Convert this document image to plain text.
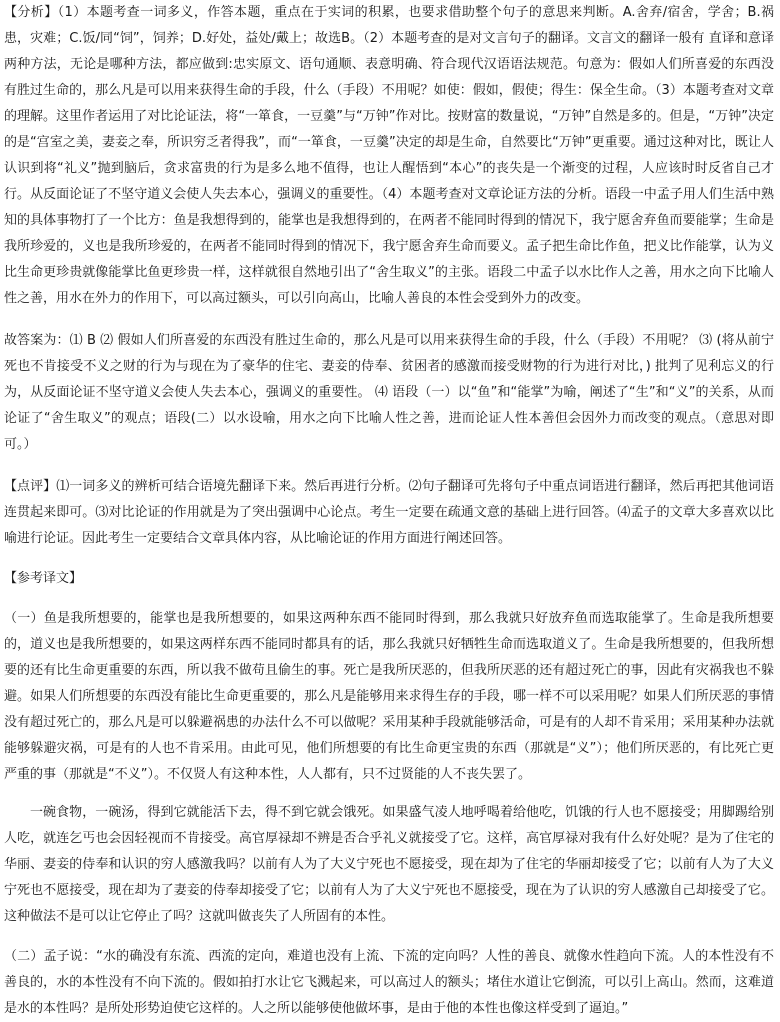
【分析】（1）本题考查一词多义，作答本题，重点在于实词的积累，也要求借助整个句子的意思来判断。A.舍弃/宿舍，学舍；B.祸患，灾难；C.饭/同“饲”，饲养；D.好处，益处/戴上；故选B。（2）本题考查的是对文言句子的翻译。文言文的翻译一般有 直译和意译两种方法，无论是哪种方法，都应做到:忠实原文、语句通顺、表意明确、符合现代汉语语法规范。句意为：假如人们所喜爱的东西没有胜过生命的，那么凡是可以用来获得生命的手段，什么（手段）不用呢？如使：假如，假使；得生：保全生命。（3）本题考查对文章的理解。这里作者运用了对比论证法，将“一箪食，一豆羹”与“万钟”作对比。按财富的数量说，“万钟”自然是多的。但是，“万钟”决定的是“宫室之美，妻妾之奉，所识穷乏者得我”，而“一箪食，一豆羹”决定的却是生命，自然要比“万钟”更重要。通过这种对比，既让人认识到将“礼义”抛到脑后，贪求富贵的行为是多么地不值得，也让人醒悟到“本心”的丧失是一个渐变的过程，人应该时时反省自己才行。从反面论证了不坚守道义会使人失去本心，强调义的重要性。（4）本题考查对文章论证方法的分析。语段一中孟子用人们生活中熟知的具体事物打了一个比方：鱼是我想得到的，能掌也是我想得到的，在两者不能同时得到的情况下，我宁愿舍弃鱼而要能掌；生命是我所珍爱的，义也是我所珍爱的，在两者不能同时得到的情况下，我宁愿舍弃生命而要义。孟子把生命比作鱼，把义比作能掌，认为义比生命更珍贵就像能掌比鱼更珍贵一样，这样就很自然地引出了“舍生取义”的主张。语段二中孟子以水比作人之善，用水之向下比喻人性之善，用水在外力的作用下，可以高过额头，可以引向高山，比喻人善良的本性会受到外力的改变。

故答案为：⑴ B ⑵ 假如人们所喜爱的东西没有胜过生命的，那么凡是可以用来获得生命的手段，什么（手段）不用呢？ ⑶ (将从前宁死也不肯接受不义之财的行为与现在为了豪华的住宅、妻妾的侍奉、贫困者的感激而接受财物的行为进行对比，) 批判了见利忘义的行为，从反面论证不坚守道义会使人失去本心，强调义的重要性。 ⑷ 语段（一）以“鱼”和“能掌”为喻，阐述了“生”和“义”的关系，从而论证了“舍生取义”的观点；语段(二）以水设喻，用水之向下比喻人性之善，进而论证人性本善但会因外力而改变的观点。（意思对即可。）

【点评】⑴一词多义的辨析可结合语境先翻译下来。然后再进行分析。⑵句子翻译可先将句子中重点词语进行翻译，然后再把其他词语连贯起来即可。⑶对比论证的作用就是为了突出强调中心论点。考生一定要在疏通文意的基础上进行回答。⑷孟子的文章大多喜欢以比喻进行论证。因此考生一定要结合文章具体内容，从比喻论证的作用方面进行阐述回答。

【参考译文】

（一）鱼是我所想要的，能掌也是我所想要的，如果这两种东西不能同时得到，那么我就只好放弃鱼而选取能掌了。生命是我所想要的，道义也是我所想要的，如果这两样东西不能同时都具有的话，那么我就只好牺牲生命而选取道义了。生命是我所想要的，但我所想要的还有比生命更重要的东西，所以我不做苟且偷生的事。死亡是我所厌恶的，但我所厌恶的还有超过死亡的事，因此有灾祸我也不躲避。如果人们所想要的东西没有能比生命更重要的，那么凡是能够用来求得生存的手段，哪一样不可以采用呢？如果人们所厌恶的事情没有超过死亡的，那么凡是可以躲避祸患的办法什么不可以做呢？采用某种手段就能够活命，可是有的人却不肯采用；采用某种办法就能够躲避灾祸，可是有的人也不肯采用。由此可见，他们所想要的有比生命更宝贵的东西（那就是“义”）；他们所厌恶的，有比死亡更严重的事（那就是“不义”）。不仅贤人有这种本性，人人都有，只不过贤能的人不丧失罢了。

一碗食物，一碗汤，得到它就能活下去，得不到它就会饿死。如果盛气凌人地呼喝着给他吃，饥饿的行人也不愿接受；用脚踢给别人吃，就连乞丐也会因轻视而不肯接受。高官厚禄却不辨是否合乎礼义就接受了它。这样，高官厚禄对我有什么好处呢？是为了住宅的华丽、妻妾的侍奉和认识的穷人感激我吗？以前有人为了大义宁死也不愿接受，现在却为了住宅的华丽却接受了它；以前有人为了大义宁死也不愿接受，现在却为了妻妾的侍奉却接受了它；以前有人为了大义宁死也不愿接受，现在为了认识的穷人感激自己却接受了它。这种做法不是可以让它停止了吗？这就叫做丧失了人所固有的本性。

（二）孟子说：“水的确没有东流、西流的定向，难道也没有上流、下流的定向吗？人性的善良、就像水性趋向下流。人的本性没有不善良的，水的本性没有不向下流的。假如拍打水让它飞溅起来，可以高过人的额头；堵住水道让它倒流，可以引上高山。然而，这难道是水的本性吗？是所处形势迫使它这样的。人之所以能够使他做坏事，是由于他的本性也像这样受到了逼迫。”
